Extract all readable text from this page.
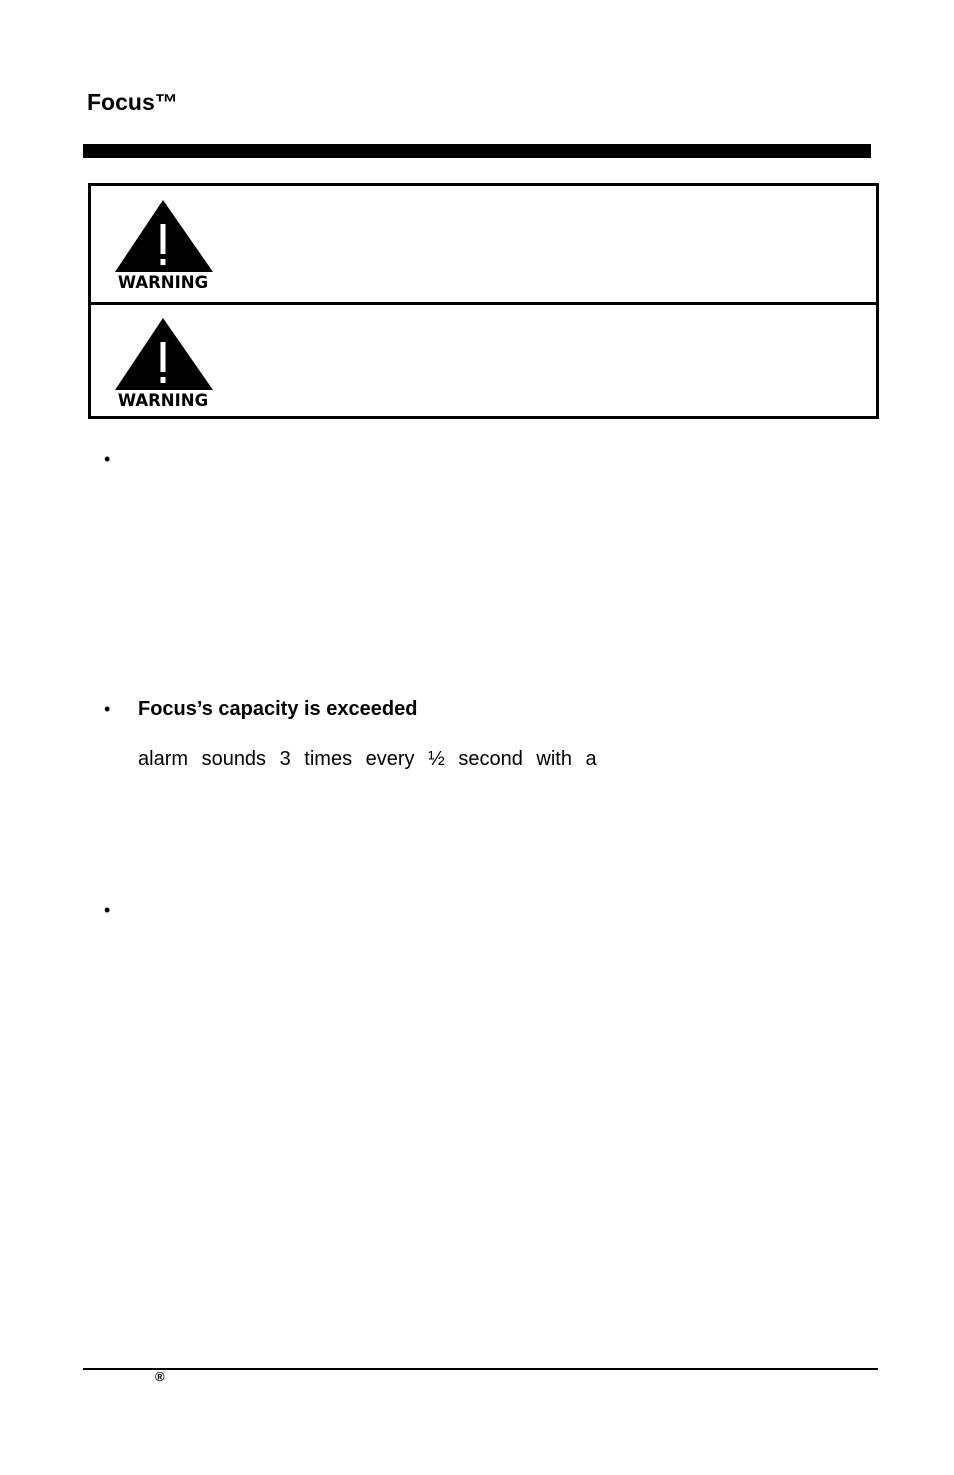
Focus™
WARNING
WARNING
•
• Focus’s capacity is exceeded

alarm sounds 3 times every ½ second with a

•
®
